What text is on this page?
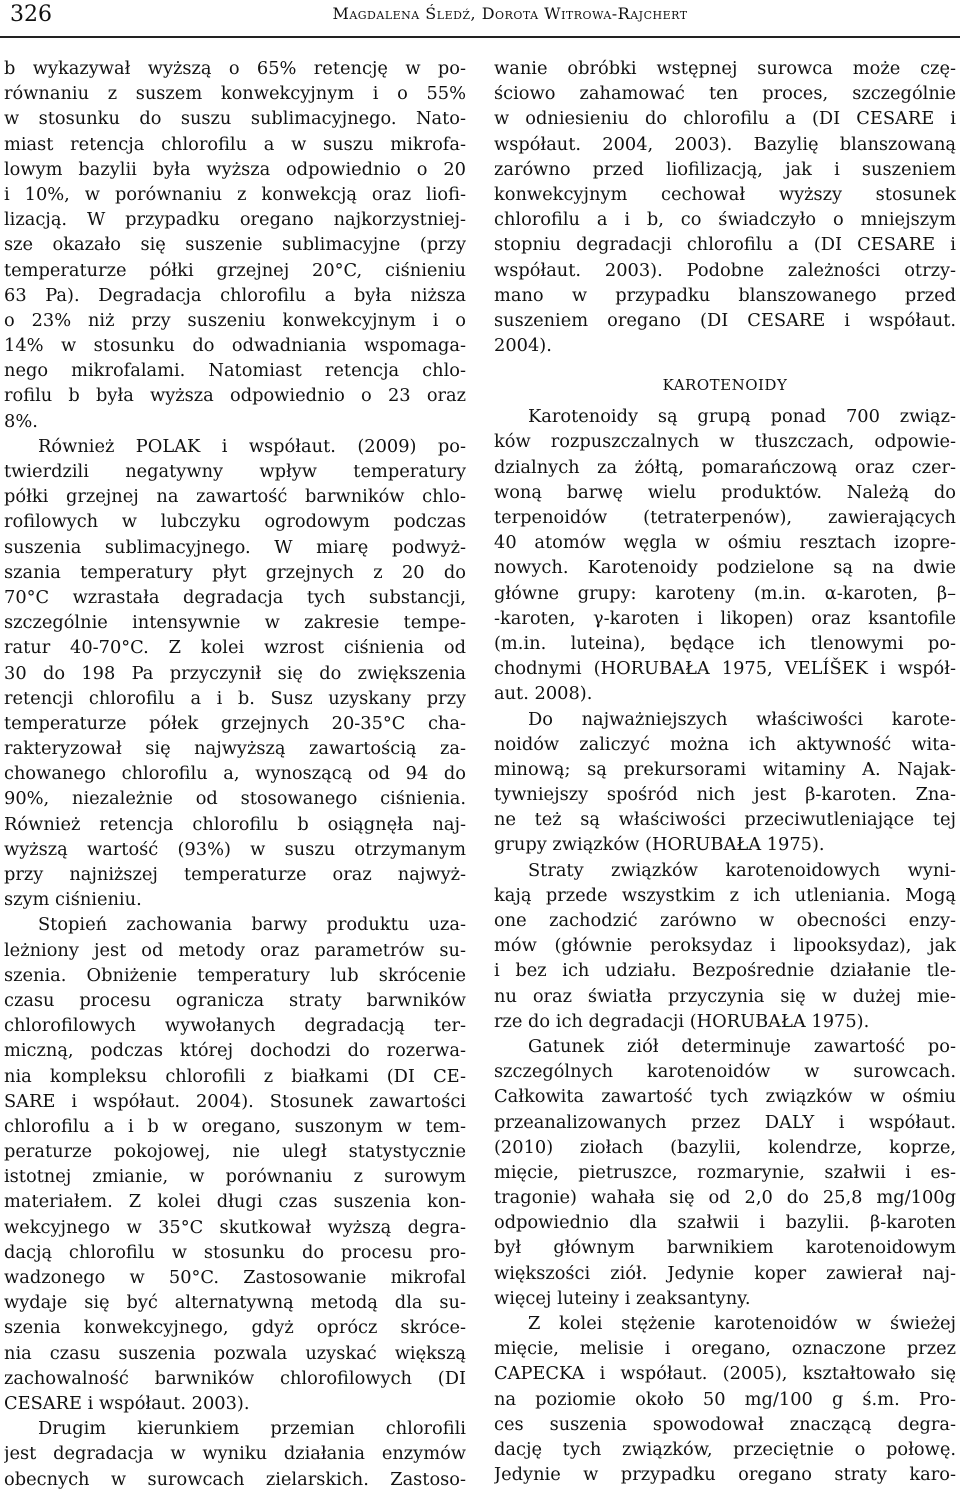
326	Magdalena Śledź, Dorota Witrowa-Rajchert
b wykazywał wyższą o 65% retencję w po-
równaniu z suszem konwekcyjnym i o 55%
w stosunku do suszu sublimacyjnego. Nato-
miast retencja chlorofilu a w suszu mikrofa-
lowym bazylii była wyższa odpowiednio o 20
i 10%, w porównaniu z konwekcją oraz liofi-
lizacją. W przypadku oregano najkorzystniej-
sze okazało się suszenie sublimacyjne (przy
temperaturze półki grzejnej 20°C, ciśnieniu
63 Pa). Degradacja chlorofilu a była niższa
o 23% niż przy suszeniu konwekcyjnym i o
14% w stosunku do odwadniania wspomaga-
nego mikrofalami. Natomiast retencja chlo-
rofilu b była wyższa odpowiednio o 23 oraz
8%.
Również POLAK i współaut. (2009) po-
twierdzili negatywny wpływ temperatury
półki grzejnej na zawartość barwników chlo-
rofilowych w lubczyku ogrodowym podczas
suszenia sublimacyjnego. W miarę podwyż-
szania temperatury płyt grzejnych z 20 do
70°C wzrastała degradacja tych substancji,
szczególnie intensywnie w zakresie tempe-
ratur 40-70°C. Z kolei wzrost ciśnienia od
30 do 198 Pa przyczynił się do zwiększenia
retencji chlorofilu a i b. Susz uzyskany przy
temperaturze półek grzejnych 20-35°C cha-
rakteryzował się najwyższą zawartością za-
chowanego chlorofilu a, wynoszącą od 94 do
90%, niezależnie od stosowanego ciśnienia.
Również retencja chlorofilu b osiągnęła naj-
wyższą wartość (93%) w suszu otrzymanym
przy najniższej temperaturze oraz najwyż-
szym ciśnieniu.
Stopień zachowania barwy produktu uza-
leżniony jest od metody oraz parametrów su-
szenia. Obniżenie temperatury lub skrócenie
czasu procesu ogranicza straty barwników
chlorofilowych wywołanych degradacją ter-
miczną, podczas której dochodzi do rozerwa-
nia kompleksu chlorofili z białkami (DI CE-
SARE i współaut. 2004). Stosunek zawartości
chlorofilu a i b w oregano, suszonym w tem-
peraturze pokojowej, nie uległ statystycznie
istotnej zmianie, w porównaniu z surowym
materiałem. Z kolei długi czas suszenia kon-
wekcyjnego w 35°C skutkował wyższą degra-
dacją chlorofilu w stosunku do procesu pro-
wadzonego w 50°C. Zastosowanie mikrofal
wydaje się być alternatywną metodą dla su-
szenia konwekcyjnego, gdyż oprócz skróce-
nia czasu suszenia pozwala uzyskać większą
zachowalność barwników chlorofilowych (DI
CESARE i współaut. 2003).
Drugim kierunkiem przemian chlorofili
jest degradacja w wyniku działania enzymów
obecnych w surowcach zielarskich. Zastoso-
wanie obróbki wstępnej surowca może czę-
ściowo zahamować ten proces, szczególnie
w odniesieniu do chlorofilu a (DI CESARE i
współaut. 2004, 2003). Bazylię blanszowaną
zarówno przed liofilizacją, jak i suszeniem
konwekcyjnym cechował wyższy stosunek
chlorofilu a i b, co świadczyło o mniejszym
stopniu degradacji chlorofilu a (DI CESARE i
współaut. 2003). Podobne zależności otrzy-
mano w przypadku blanszowanego przed
suszeniem oregano (DI CESARE i współaut.
2004).
KAROTENOIDY
Karotenoidy są grupą ponad 700 związ-
ków rozpuszczalnych w tłuszczach, odpowie-
dzialnych za żółtą, pomarańczową oraz czer-
woną barwę wielu produktów. Należą do
terpenoidów (tetraterpenów), zawierających
40 atomów węgla w ośmiu resztach izopre-
nowych. Karotenoidy podzielone są na dwie
główne grupy: karoteny (m.in. α-karoten, β–
-karoten, γ-karoten i likopen) oraz ksantofile
(m.in. luteina), będące ich tlenowymi po-
chodnymi (HORUBAŁA 1975, VELÍŠEK i współ-
aut. 2008).
Do najważniejszych właściwości karote-
noidów zaliczyć można ich aktywność wita-
minową; są prekursorami witaminy A. Najak-
tywniejszy spośród nich jest β-karoten. Zna-
ne też są właściwości przeciwutleniające tej
grupy związków (HORUBAŁA 1975).
Straty związków karotenoidowych wyni-
kają przede wszystkim z ich utleniania. Mogą
one zachodzić zarówno w obecności enzy-
mów (głównie peroksydaz i lipooksydaz), jak
i bez ich udziału. Bezpośrednie działanie tle-
nu oraz światła przyczynia się w dużej mie-
rze do ich degradacji (HORUBAŁA 1975).
Gatunek ziół determinuje zawartość po-
szczególnych karotenoidów w surowcach.
Całkowita zawartość tych związków w ośmiu
przeanalizowanych przez DALY i współaut.
(2010) ziołach (bazylii, kolendrze, koprze,
mięcie, pietruszce, rozmarynie, szałwii i es-
tragonie) wahała się od 2,0 do 25,8 mg/100g
odpowiednio dla szałwii i bazylii. β-karoten
był głównym barwnikiem karotenoidowym
większości ziół. Jedynie koper zawierał naj-
więcej luteiny i zeaksantyny.
Z kolei stężenie karotenoidów w świeżej
mięcie, melisie i oregano, oznaczone przez
CAPECKA i współaut. (2005), kształtowało się
na poziomie około 50 mg/100 g ś.m. Pro-
ces suszenia spowodował znaczącą degra-
dację tych związków, przeciętnie o połowę.
Jedynie w przypadku oregano straty karo-
